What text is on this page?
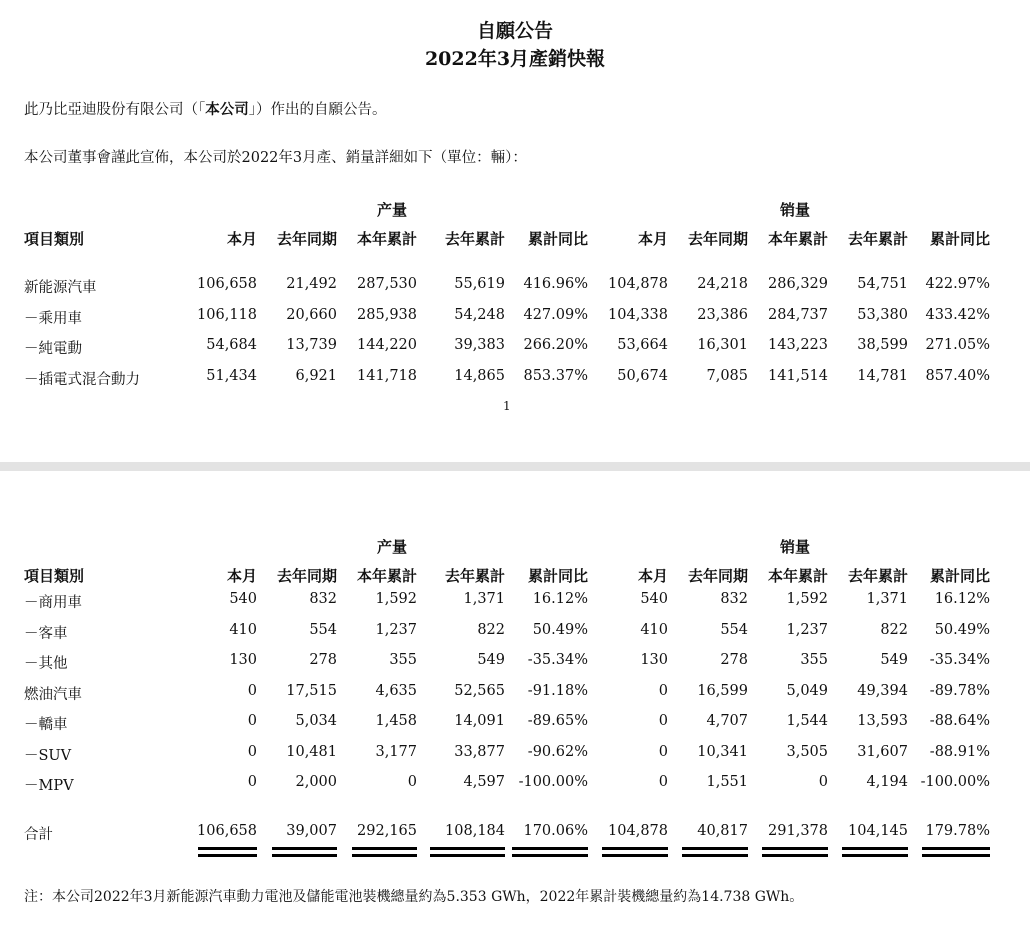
自願公告
2022年3月產銷快報
此乃比亞迪股份有限公司（「本公司」）作出的自願公告。
本公司董事會謹此宣佈，本公司於2022年3月產、銷量詳細如下（單位：輛）：
产量	销量
項目類別	本月	去年同期	本年累計	去年累計	累計同比	本月	去年同期	本年累計	去年累計	累計同比
新能源汽車	106,658	21,492	287,530	55,619	416.96%	104,878	24,218	286,329	54,751	422.97%
－乘用車	106,118	20,660	285,938	54,248	427.09%	104,338	23,386	284,737	53,380	433.42%
－純電動	54,684	13,739	144,220	39,383	266.20%	53,664	16,301	143,223	38,599	271.05%
－插電式混合動力	51,434	6,921	141,718	14,865	853.37%	50,674	7,085	141,514	14,781	857.40%
1
产量	销量
項目類別	本月	去年同期	本年累計	去年累計	累計同比	本月	去年同期	本年累計	去年累計	累計同比
－商用車	540	832	1,592	1,371	16.12%	540	832	1,592	1,371	16.12%
－客車	410	554	1,237	822	50.49%	410	554	1,237	822	50.49%
－其他	130	278	355	549	-35.34%	130	278	355	549	-35.34%
燃油汽車	0	17,515	4,635	52,565	-91.18%	0	16,599	5,049	49,394	-89.78%
－轎車	0	5,034	1,458	14,091	-89.65%	0	4,707	1,544	13,593	-88.64%
－SUV	0	10,481	3,177	33,877	-90.62%	0	10,341	3,505	31,607	-88.91%
－MPV	0	2,000	0	4,597 -100.00%	0	1,551	0	4,194 -100.00%
合計	106,658	39,007	292,165	108,184	170.06%	104,878	40,817	291,378	104,145	179.78%
注：本公司2022年3月新能源汽車動力電池及儲能電池裝機總量約為5.353 GWh，2022年累計裝機總量約為14.738 GWh。
